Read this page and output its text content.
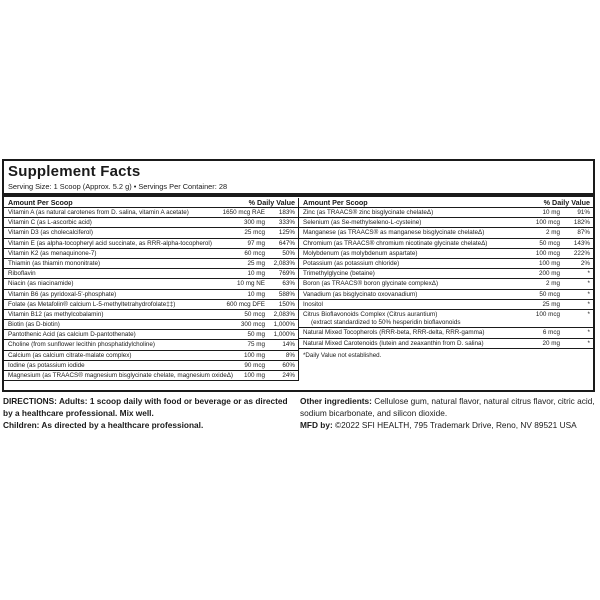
Supplement Facts
Serving Size: 1 Scoop (Approx. 5.2 g) • Servings Per Container: 28
Amount Per Scoop	% Daily Value
Vitamin A (as natural carotenes from D. salina, vitamin A acetate)	1650 mcg RAE 183%
Vitamin C (as L-ascorbic acid)	300 mg 333%
Vitamin D3 (as cholecalciferol)	25 mcg 125%
Vitamin E (as alpha-tocopheryl acid succinate, as RRR-alpha-tocopherol)	97 mg 647%
Vitamin K2 (as menaquinone-7)	60 mcg	50%
Thiamin (as thiamin mononitrate)	25 mg 2,083%
Riboflavin	10 mg 769%
Niacin (as niacinamide)	10 mg NE	63%
Vitamin B6 (as pyridoxal-5'-phosphate)	10 mg 588%
Folate (as Metafolin® calcium L-5-methyltetrahydrofolate‡‡)	600 mcg DFE 150%
Vitamin B12 (as methylcobalamin)	50 mcg 2,083%
Biotin (as D-biotin)	300 mcg 1,000%
Pantothenic Acid (as calcium D-pantothenate)	50 mg 1,000%
Choline (from sunflower lecithin phosphatidylcholine)	75 mg	14%
Calcium (as calcium citrate-malate complex)	100 mg	8%
Iodine (as potassium iodide	90 mcg	60%
Magnesium (as TRAACS® magnesium bisglycinate chelate, magnesium oxideΔ) 100 mg	24%
Amount Per Scoop	% Daily Value
Zinc (as TRAACS® zinc bisglycinate chelateΔ)	10 mg	91%
Selenium (as Se-methylseleno-L-cysteine)	100 mcg 182%
Manganese (as TRAACS® as manganese bisglycinate chelateΔ)	2 mg	87%
Chromium (as TRAACS® chromium nicotinate glycinate chelateΔ)	50 mcg 143%
Molybdenum (as molybdenum aspartate)	100 mcg 222%
Potassium (as potassium chloride)	100 mg	2%
Trimethylglycine (betaine)	200 mg	*
Boron (as TRAACS® boron glycinate complexΔ)	2 mg	*
Vanadium (as bisglycinato oxovanadium)	50 mcg	*
Inositol	25 mg	*
Citrus Bioflavonoids Complex (Citrus aurantium)
(extract standardized to 50% hesperidin bioflavonoids
100 mcg	*
Natural Mixed Tocopherols (RRR-beta, RRR-delta, RRR-gamma)	6 mcg	*
Natural Mixed Carotenoids (lutein and zeaxanthin from D. salina)	20 mg	*
*Daily Value not established.
DIRECTIONS: Adults: 1 scoop daily with food or beverage or as directed by a healthcare professional. Mix well.
Children: As directed by a healthcare professional.
Other ingredients: Cellulose gum, natural flavor, natural citrus flavor, citric acid, sodium bicarbonate, and silicon dioxide.
MFD by: ©2022 SFI HEALTH, 795 Trademark Drive, Reno, NV 89521 USA
